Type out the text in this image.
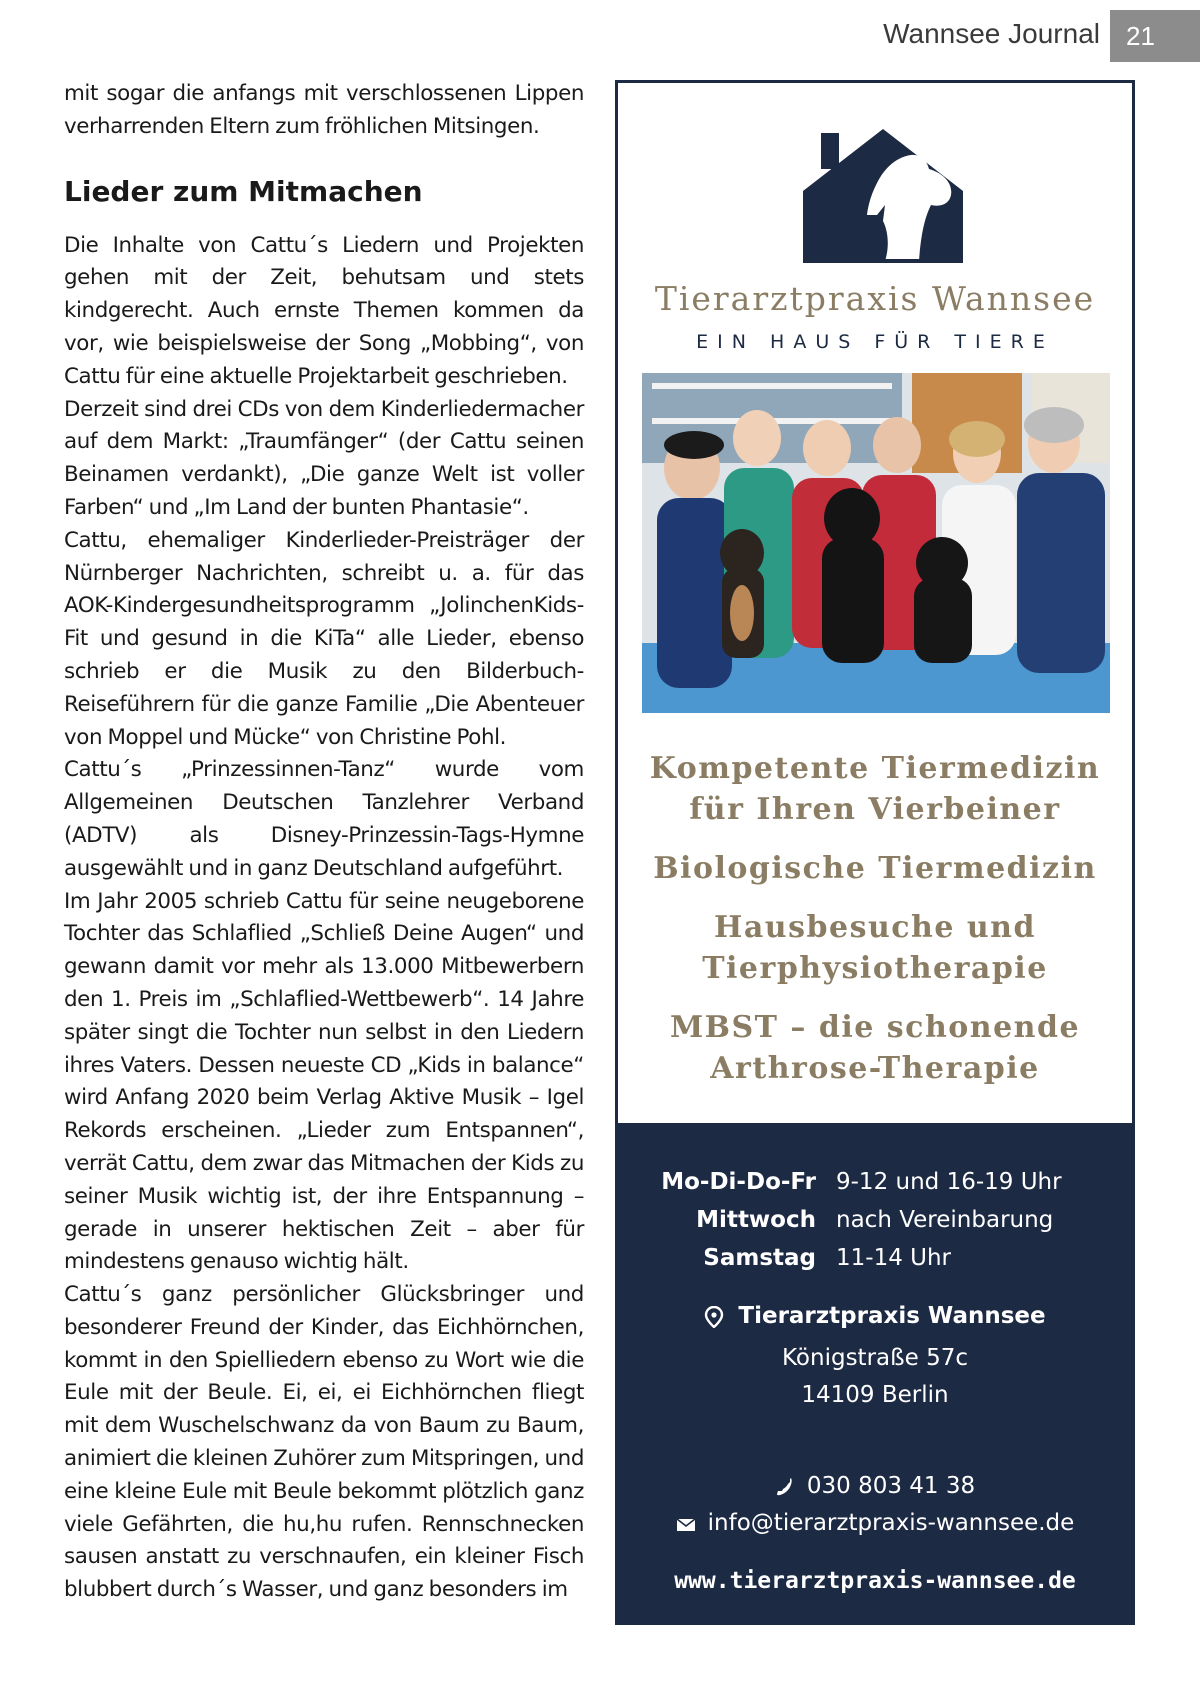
Wannsee Journal	21

mit sogar die anfangs mit verschlossenen Lippen verharrenden Eltern zum fröhlichen Mitsingen.

Lieder zum Mitmachen

Die Inhalte von Cattu´s Liedern und Projekten gehen mit der Zeit, behutsam und stets kindgerecht. Auch ernste Themen kommen da vor, wie beispielsweise der Song „Mobbing“, von Cattu für eine aktuelle Projektarbeit geschrieben.

Derzeit sind drei CDs von dem Kinderliedermacher auf dem Markt: „Traumfänger“ (der Cattu seinen Beinamen verdankt), „Die ganze Welt ist voller Farben“ und „Im Land der bunten Phantasie“.

Cattu, ehemaliger Kinderlieder-Preisträger der Nürnberger Nachrichten, schreibt u. a. für das AOK-Kindergesundheitsprogramm „JolinchenKids-Fit und gesund in die KiTa“ alle Lieder, ebenso schrieb er die Musik zu den Bilderbuch-Reiseführern für die ganze Familie „Die Abenteuer von Moppel und Mücke“ von Christine Pohl.

Cattu´s „Prinzessinnen-Tanz“ wurde vom Allgemeinen Deutschen Tanzlehrer Verband (ADTV) als Disney-Prinzessin-Tags-Hymne ausgewählt und in ganz Deutschland aufgeführt.

Im Jahr 2005 schrieb Cattu für seine neugeborene Tochter das Schlaflied „Schließ Deine Augen“ und gewann damit vor mehr als 13.000 Mitbewerbern den 1. Preis im „Schlaflied-Wettbewerb“. 14 Jahre später singt die Tochter nun selbst in den Liedern ihres Vaters. Dessen neueste CD „Kids in balance“ wird Anfang 2020 beim Verlag Aktive Musik – Igel Rekords erscheinen. „Lieder zum Entspannen“, verrät Cattu, dem zwar das Mitmachen der Kids zu seiner Musik wichtig ist, der ihre Entspannung – gerade in unserer hektischen Zeit – aber für mindestens genauso wichtig hält.

Cattu´s ganz persönlicher Glücksbringer und besonderer Freund der Kinder, das Eichhörnchen, kommt in den Spielliedern ebenso zu Wort wie die Eule mit der Beule. Ei, ei, ei Eichhörnchen fliegt mit dem Wuschelschwanz da von Baum zu Baum, animiert die kleinen Zuhörer zum Mitspringen, und eine kleine Eule mit Beule bekommt plötzlich ganz viele Gefährten, die hu,hu rufen. Rennschnecken sausen anstatt zu verschnaufen, ein kleiner Fisch blubbert durch´s Wasser, und ganz besonders im

Tierarztpraxis Wannsee
EIN HAUS FÜR TIERE
Kompetente Tiermedizin
für Ihren Vierbeiner
Biologische Tiermedizin
Hausbesuche und
Tierphysiotherapie
MBST – die schonende
Arthrose-Therapie
Mo-Di-Do-Fr 9-12 und 16-19 Uhr
Mittwoch nach Vereinbarung
Samstag 11-14 Uhr
Tierarztpraxis Wannsee
Königstraße 57c
14109 Berlin
030 803 41 38
info@tierarztpraxis-wannsee.de
www.tierarztpraxis-wannsee.de
